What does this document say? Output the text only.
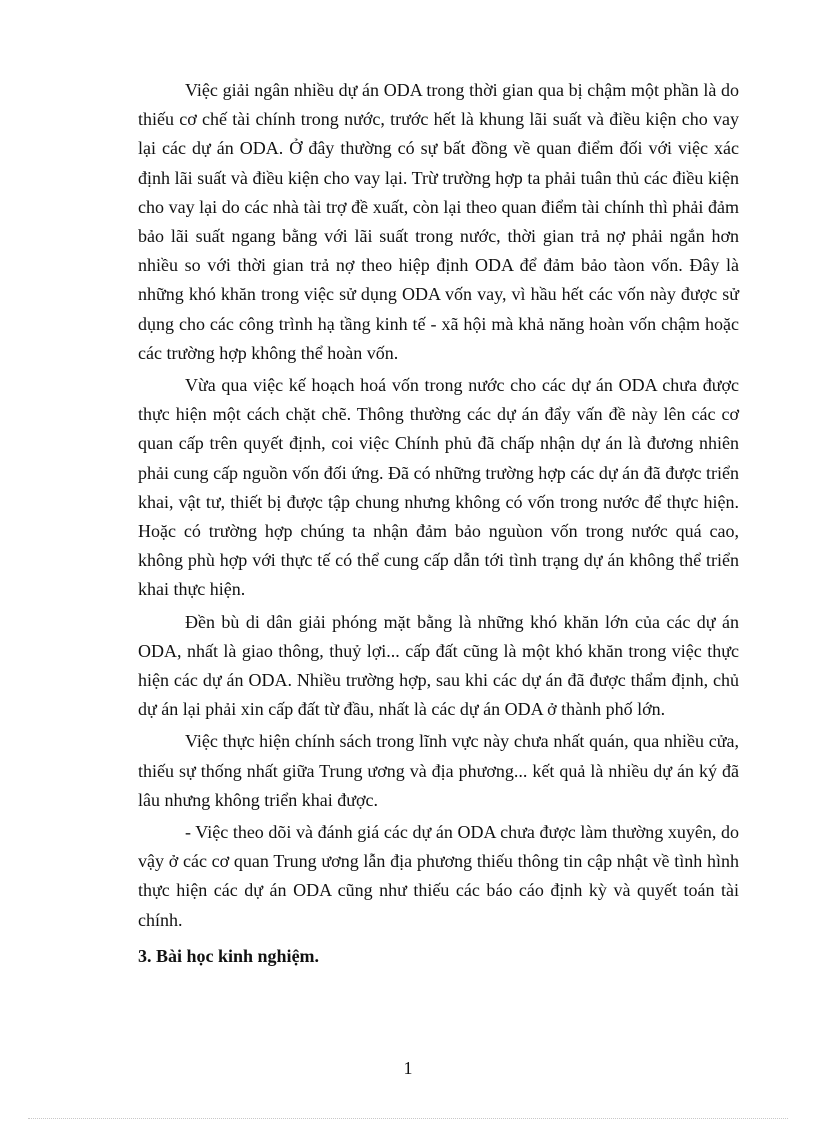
Việc giải ngân nhiều dự án ODA trong thời gian qua bị chậm một phần là do thiếu cơ chế tài chính trong nước, trước hết là khung lãi suất và điều kiện cho vay lại các dự án ODA. Ở đây thường có sự bất đồng về quan điểm đối với việc xác định lãi suất và điều kiện cho vay lại. Trừ trường hợp ta phải tuân thủ các điều kiện cho vay lại do các nhà tài trợ đề xuất, còn lại theo quan điểm tài chính thì phải đảm bảo lãi suất ngang bằng với lãi suất trong nước, thời gian trả nợ phải ngắn hơn nhiều so với thời gian trả nợ theo hiệp định ODA để đảm bảo tàon vốn. Đây là những khó khăn trong việc sử dụng ODA vốn vay, vì hầu hết các vốn này được sử dụng cho các công trình hạ tầng kinh tế - xã hội mà khả năng hoàn vốn chậm hoặc các trường hợp không thể hoàn vốn.

Vừa qua việc kế hoạch hoá vốn trong nước cho các dự án ODA chưa được thực hiện một cách chặt chẽ. Thông thường các dự án đẩy vấn đề này lên các cơ quan cấp trên quyết định, coi việc Chính phủ đã chấp nhận dự án là đương nhiên phải cung cấp nguồn vốn đối ứng. Đã có những trường hợp các dự án đã được triển khai, vật tư, thiết bị được tập chung nhưng không có vốn trong nước để thực hiện. Hoặc có trường hợp chúng ta nhận đảm bảo nguùon vốn trong nước quá cao, không phù hợp với thực tế có thể cung cấp dẫn tới tình trạng dự án không thể triển khai thực hiện.

Đền bù di dân giải phóng mặt bằng là những khó khăn lớn của các dự án ODA, nhất là giao thông, thuỷ lợi... cấp đất cũng là một khó khăn trong việc thực hiện các dự án ODA. Nhiều trường hợp, sau khi các dự án đã được thẩm định, chủ dự án lại phải xin cấp đất từ đầu, nhất là các dự án ODA ở thành phố lớn.

Việc thực hiện chính sách trong lĩnh vực này chưa nhất quán, qua nhiều cửa, thiếu sự thống nhất giữa Trung ương và địa phương... kết quả là nhiều dự án ký đã lâu nhưng không triển khai được.

- Việc theo dõi và đánh giá các dự án ODA chưa được làm thường xuyên, do vậy ở các cơ quan Trung ương lẫn địa phương thiếu thông tin cập nhật về tình hình thực hiện các dự án ODA cũng như thiếu các báo cáo định kỳ và quyết toán tài chính.

3. Bài học kinh nghiệm.
1
